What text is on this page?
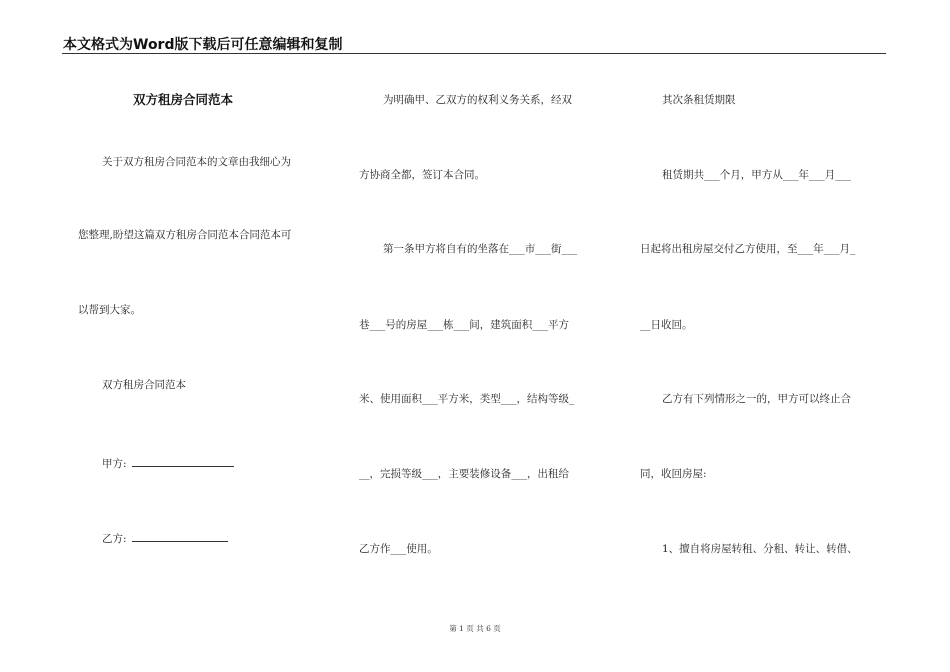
本文格式为Word版下载后可任意编辑和复制
双方租房合同范本
关于双方租房合同范本的文章由我细心为
您整理,盼望这篇双方租房合同范本合同范本可
以帮到大家。
双方租房合同范本
甲方:
乙方:
为明确甲、乙双方的权利义务关系，经双
方协商全都，签订本合同。
第一条甲方将自有的坐落在___市___街___
巷___号的房屋___栋___间，建筑面积___平方
米、使用面积___平方米，类型___，结构等级_
__，完损等级___，主要装修设备___，出租给
乙方作___使用。
其次条租赁期限
租赁期共___个月，甲方从___年___月___
日起将出租房屋交付乙方使用，至___年___月_
__日收回。
乙方有下列情形之一的，甲方可以终止合
同，收回房屋:
1、擅自将房屋转租、分租、转让、转借、
第 1 页 共 6 页
